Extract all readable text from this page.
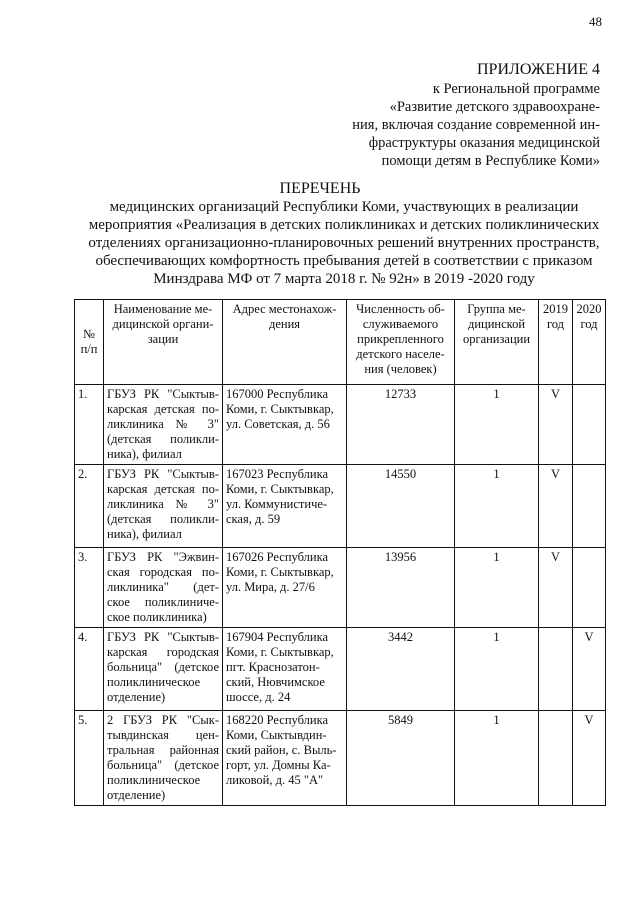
48
ПРИЛОЖЕНИЕ 4
к Региональной программе
«Развитие детского здравоохране-
ния, включая создание современной ин-
фраструктуры оказания медицинской
помощи детям в Республике Коми»
ПЕРЕЧЕНЬ
медицинских организаций Республики Коми, участвующих в реализации
мероприятия «Реализация в детских поликлиниках и детских поликлинических
отделениях организационно-планировочных решений внутренних пространств,
обеспечивающих комфортность пребывания детей в соответствии с приказом
Минздрава МФ от 7 марта 2018 г. № 92н» в 2019 -2020 году
№ п/п	Наименование ме-дицинской органи-зации	Адрес местонахож-дения	Численность об-служиваемого прикрепленного детского населе-ния (человек)	Группа ме-дицинской организации	2019 год	2020 год
1.	ГБУЗ РК "Сыктыв-карская детская по-ликлиника № 3" (детская поликли-ника), филиал	167000 Республика Коми, г. Сыктывкар, ул. Советская, д. 56	12733	1	V	
2.	ГБУЗ РК "Сыктыв-карская детская по-ликлиника № 3" (детская поликли-ника), филиал	167023 Республика Коми, г. Сыктывкар, ул. Коммунистиче-ская, д. 59	14550	1	V	
3.	ГБУЗ РК "Эжвин-ская городская по-ликлиника" (дет-ское поликлиниче-ское поликлиника)	167026 Республика Коми, г. Сыктывкар, ул. Мира, д. 27/6	13956	1	V	
4.	ГБУЗ РК "Сыктыв-карская городская больница" (детское поликлиническое отделение)	167904 Республика Коми, г. Сыктывкар, пгт. Краснозатон-ский, Нювчимское шоссе, д. 24	3442	1		V
5.	2 ГБУЗ РК "Сык-тывдинская цен-тральная районная больница" (детское поликлиническое отделение)	168220 Республика Коми, Сыктывдин-ский район, с. Выль-горт, ул. Домны Ка-ликовой, д. 45 "А"	5849	1		V
